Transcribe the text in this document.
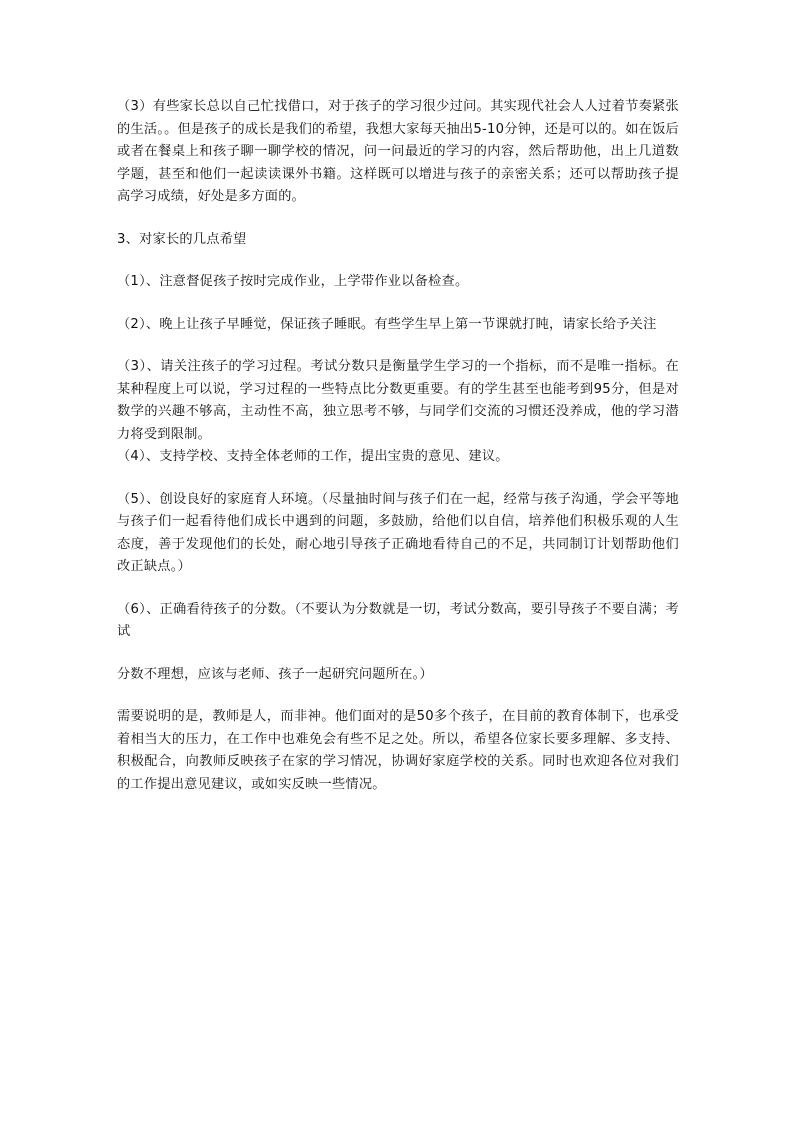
（3）有些家长总以自己忙找借口，对于孩子的学习很少过问。其实现代社会人人过着节奏紧张的生活。。但是孩子的成长是我们的希望，我想大家每天抽出5-10分钟，还是可以的。如在饭后或者在餐桌上和孩子聊一聊学校的情况，问一问最近的学习的内容，然后帮助他，出上几道数学题，甚至和他们一起读读课外书籍。这样既可以增进与孩子的亲密关系；还可以帮助孩子提高学习成绩，好处是多方面的。

3、对家长的几点希望

（1）、注意督促孩子按时完成作业，上学带作业以备检查。

（2）、晚上让孩子早睡觉，保证孩子睡眠。有些学生早上第一节课就打盹，请家长给予关注

（3）、请关注孩子的学习过程。考试分数只是衡量学生学习的一个指标，而不是唯一指标。在某种程度上可以说，学习过程的一些特点比分数更重要。有的学生甚至也能考到95分，但是对数学的兴趣不够高，主动性不高，独立思考不够，与同学们交流的习惯还没养成，他的学习潜力将受到限制。

（4）、支持学校、支持全体老师的工作，提出宝贵的意见、建议。

（5）、创设良好的家庭育人环境。（尽量抽时间与孩子们在一起，经常与孩子沟通，学会平等地与孩子们一起看待他们成长中遇到的问题，多鼓励，给他们以自信，培养他们积极乐观的人生态度，善于发现他们的长处，耐心地引导孩子正确地看待自己的不足，共同制订计划帮助他们改正缺点。）

（6）、正确看待孩子的分数。（不要认为分数就是一切，考试分数高，要引导孩子不要自满；考试

分数不理想，应该与老师、孩子一起研究问题所在。）

需要说明的是，教师是人，而非神。他们面对的是50多个孩子，在目前的教育体制下，也承受着相当大的压力，在工作中也难免会有些不足之处。所以，希望各位家长要多理解、多支持、积极配合，向教师反映孩子在家的学习情况，协调好家庭学校的关系。同时也欢迎各位对我们的工作提出意见建议，或如实反映一些情况。
